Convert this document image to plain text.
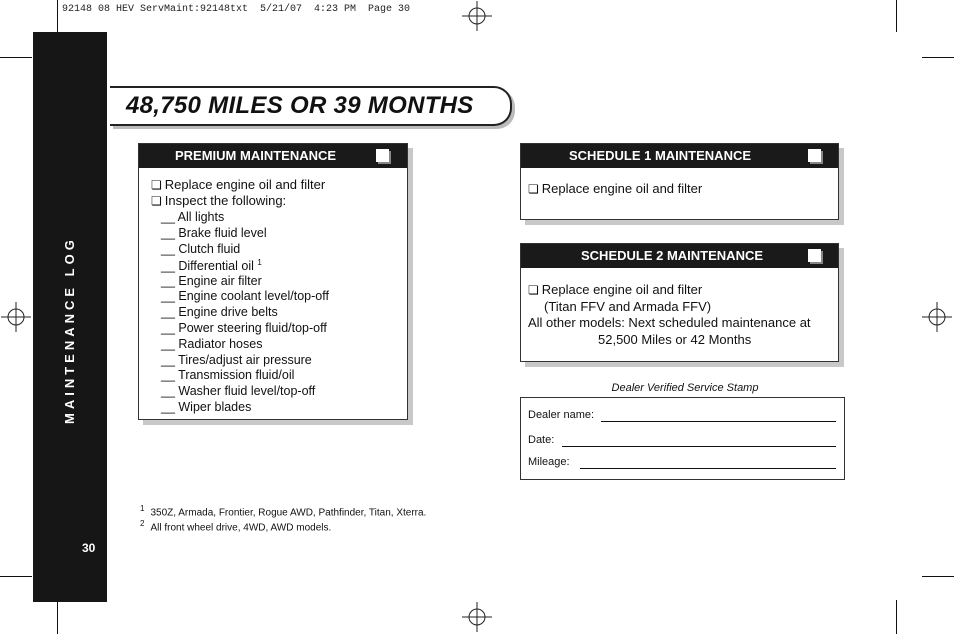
92148 08 HEV ServMaint:92148txt  5/21/07  4:23 PM  Page 30
MAINTENANCE LOG
30
48,750 MILES OR 39 MONTHS
PREMIUM MAINTENANCE
❏ Replace engine oil and filter
❏ Inspect the following:
__ All lights
__ Brake fluid level
__ Clutch fluid
__ Differential oil $^1$
__ Engine air filter
__ Engine coolant level/top-off
__ Engine drive belts
__ Power steering fluid/top-off
__ Radiator hoses
__ Tires/adjust air pressure
__ Transmission fluid/oil
__ Washer fluid level/top-off
__ Wiper blades
SCHEDULE 1 MAINTENANCE
❏ Replace engine oil and filter
SCHEDULE 2 MAINTENANCE
❏ Replace engine oil and filter
(Titan FFV and Armada FFV)
All other models: Next scheduled maintenance at
52,500 Miles or 42 Months
Dealer Verified Service Stamp
Dealer name:
Date:
Mileage:
$^1$ 350Z, Armada, Frontier, Rogue AWD, Pathfinder, Titan, Xterra.
$^2$ All front wheel drive, 4WD, AWD models.
